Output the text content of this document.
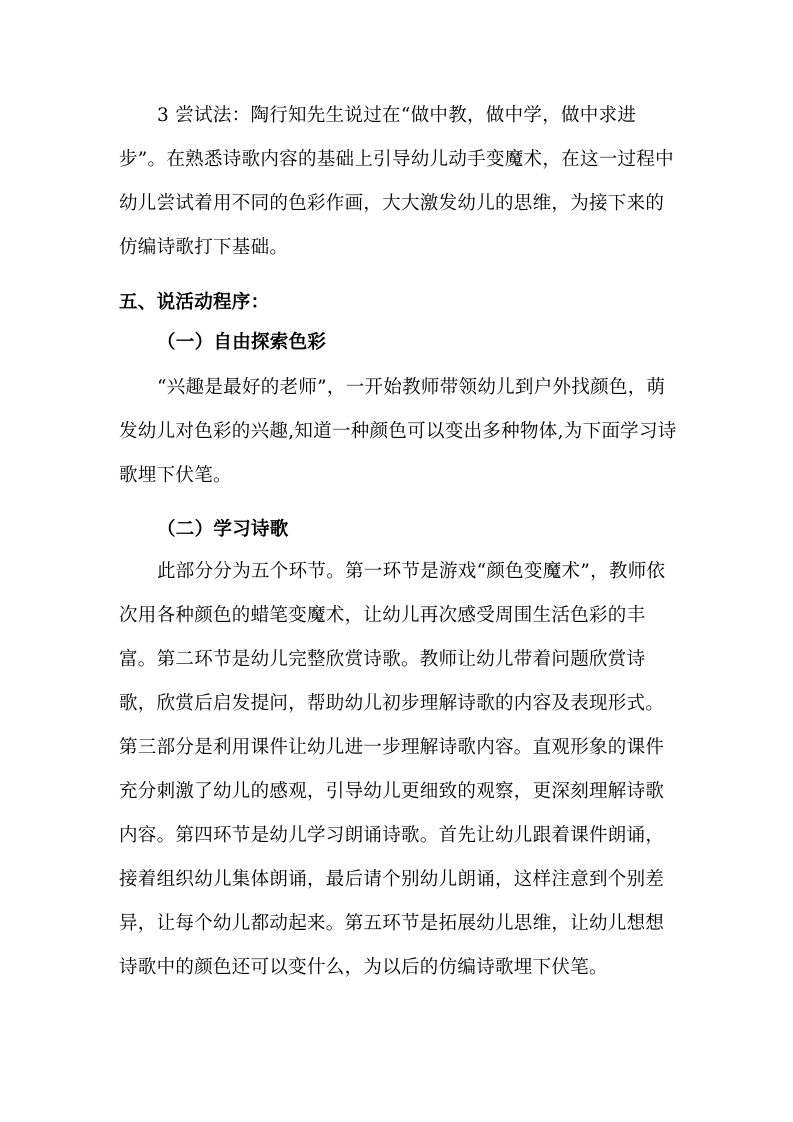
3 尝试法：陶行知先生说过在“做中教，做中学，做中求进步”。在熟悉诗歌内容的基础上引导幼儿动手变魔术，在这一过程中幼儿尝试着用不同的色彩作画，大大激发幼儿的思维，为接下来的仿编诗歌打下基础。

五、说活动程序：
（一）自由探索色彩

“兴趣是最好的老师”，一开始教师带领幼儿到户外找颜色，萌发幼儿对色彩的兴趣,知道一种颜色可以变出多种物体,为下面学习诗歌埋下伏笔。

（二）学习诗歌

此部分分为五个环节。第一环节是游戏“颜色变魔术”，教师依次用各种颜色的蜡笔变魔术，让幼儿再次感受周围生活色彩的丰富。第二环节是幼儿完整欣赏诗歌。教师让幼儿带着问题欣赏诗歌，欣赏后启发提问，帮助幼儿初步理解诗歌的内容及表现形式。第三部分是利用课件让幼儿进一步理解诗歌内容。直观形象的课件充分刺激了幼儿的感观，引导幼儿更细致的观察，更深刻理解诗歌内容。第四环节是幼儿学习朗诵诗歌。首先让幼儿跟着课件朗诵，接着组织幼儿集体朗诵，最后请个别幼儿朗诵，这样注意到个别差异，让每个幼儿都动起来。第五环节是拓展幼儿思维，让幼儿想想诗歌中的颜色还可以变什么，为以后的仿编诗歌埋下伏笔。
